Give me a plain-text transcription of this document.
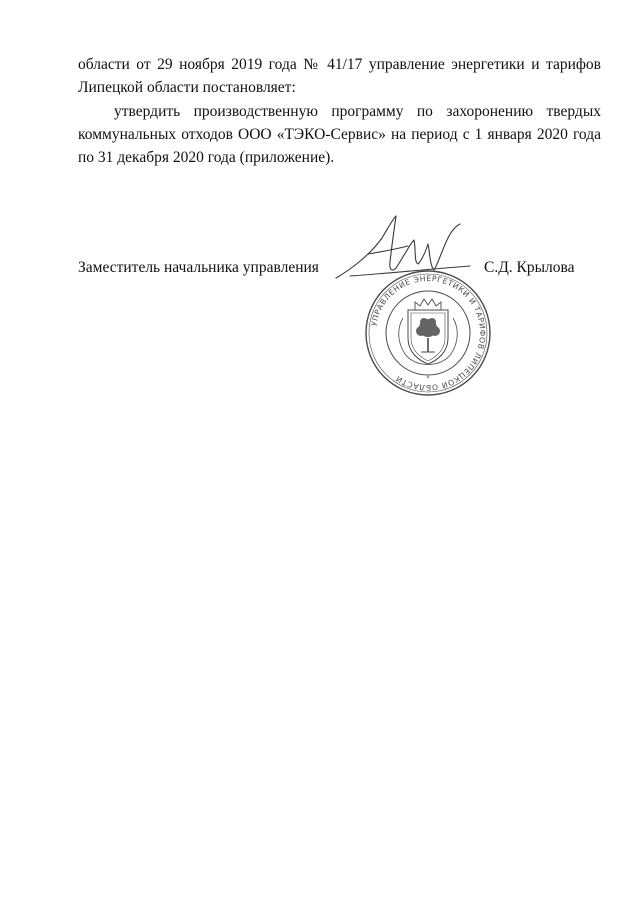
области от 29 ноября 2019 года № 41/17 управление энергетики и тарифов
Липецкой области постановляет:
утвердить производственную программу по захоронению твердых
коммунальных отходов ООО «ТЭКО-Сервис» на период с 1 января 2020 года
по 31 декабря 2020 года (приложение).
Заместитель начальника управления	С.Д. Крылова
УПРАВЛЕНИЕ ЭНЕРГЕТИКИ И ТАРИФОВ ЛИПЕЦКОЙ ОБЛАСТИ	*
